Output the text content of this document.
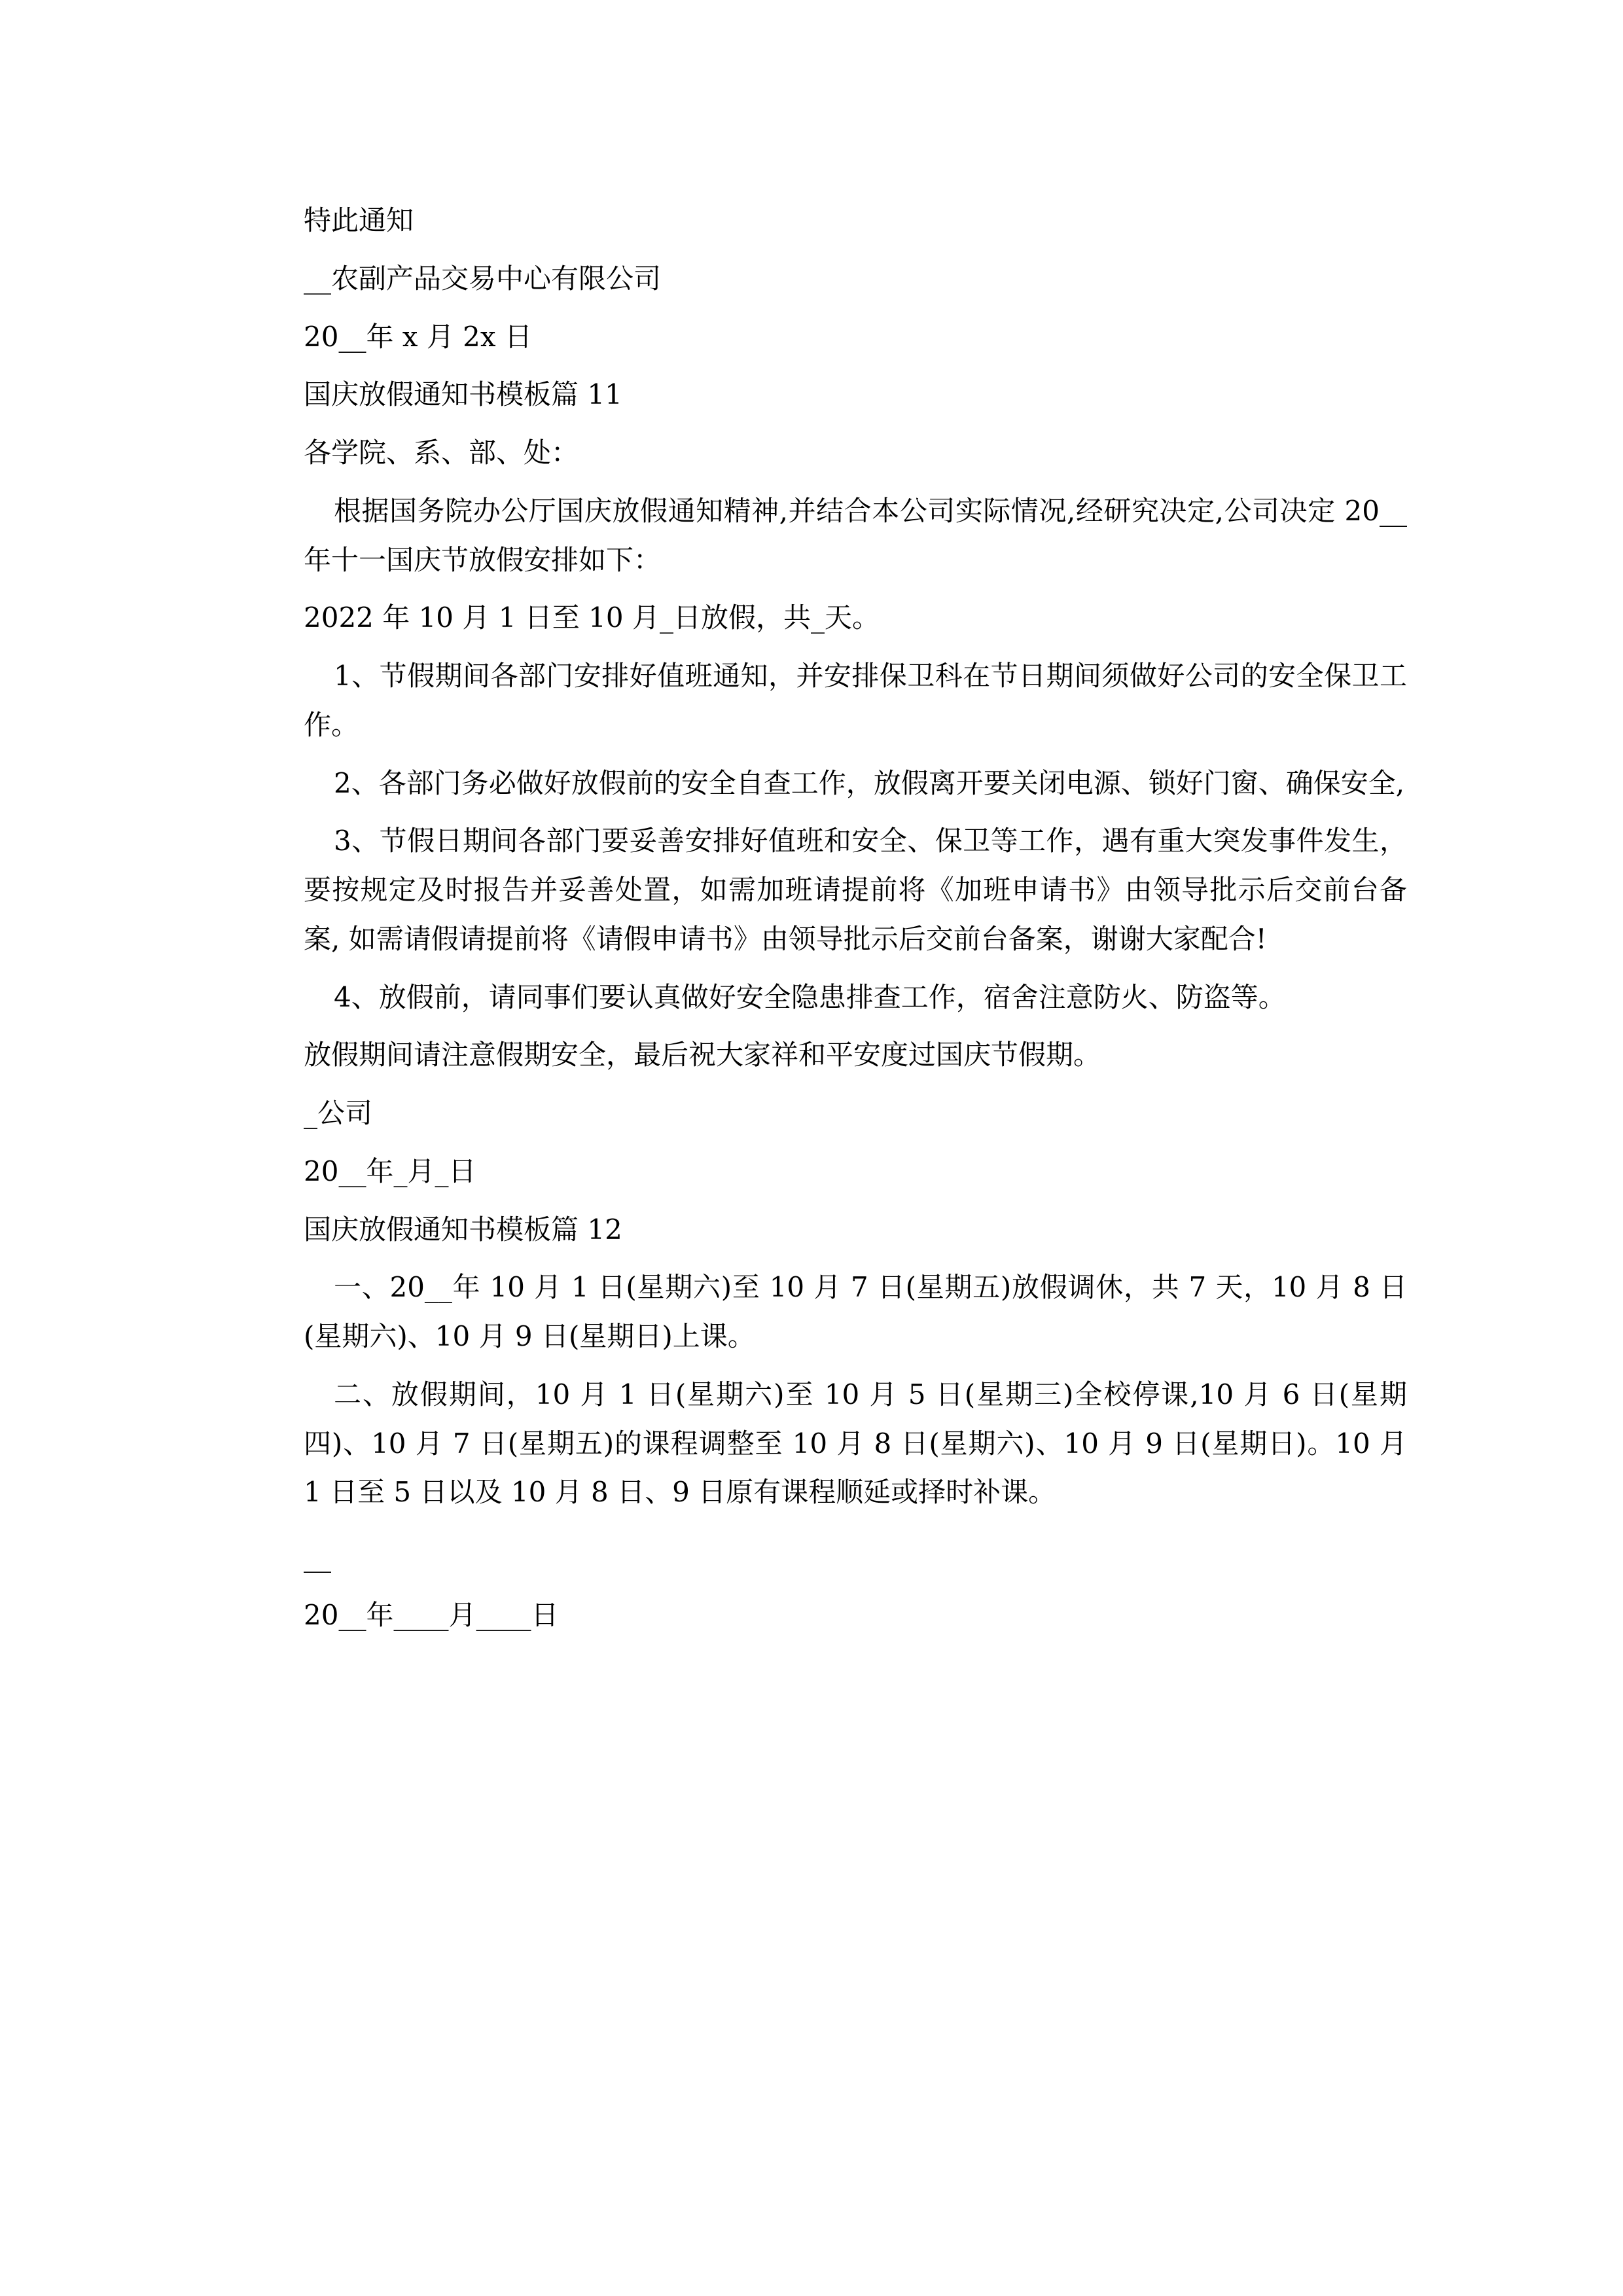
特此通知

__农副产品交易中心有限公司

20__年 x 月 2x 日

国庆放假通知书模板篇 11

各学院、系、部、处：

根据国务院办公厅国庆放假通知精神,并结合本公司实际情况,经研究决定,公司决定 20__年十一国庆节放假安排如下：

2022 年 10 月 1 日至 10 月_日放假，共_天。

1、节假期间各部门安排好值班通知，并安排保卫科在节日期间须做好公司的安全保卫工作。

2、各部门务必做好放假前的安全自查工作，放假离开要关闭电源、锁好门窗、确保安全,

3、节假日期间各部门要妥善安排好值班和安全、保卫等工作，遇有重大突发事件发生，要按规定及时报告并妥善处置，如需加班请提前将《加班申请书》由领导批示后交前台备案, 如需请假请提前将《请假申请书》由领导批示后交前台备案，谢谢大家配合!

4、放假前，请同事们要认真做好安全隐患排查工作，宿舍注意防火、防盗等。

放假期间请注意假期安全，最后祝大家祥和平安度过国庆节假期。

_公司

20__年_月_日

国庆放假通知书模板篇 12

一、20__年 10 月 1 日(星期六)至 10 月 7 日(星期五)放假调休，共 7 天，10 月 8 日(星期六)、10 月 9 日(星期日)上课。

二、放假期间，10 月 1 日(星期六)至 10 月 5 日(星期三)全校停课,10 月 6 日(星期四)、10 月 7 日(星期五)的课程调整至 10 月 8 日(星期六)、10 月 9 日(星期日)。10 月 1 日至 5 日以及 10 月 8 日、9 日原有课程顺延或择时补课。

__

20__年____月____日
